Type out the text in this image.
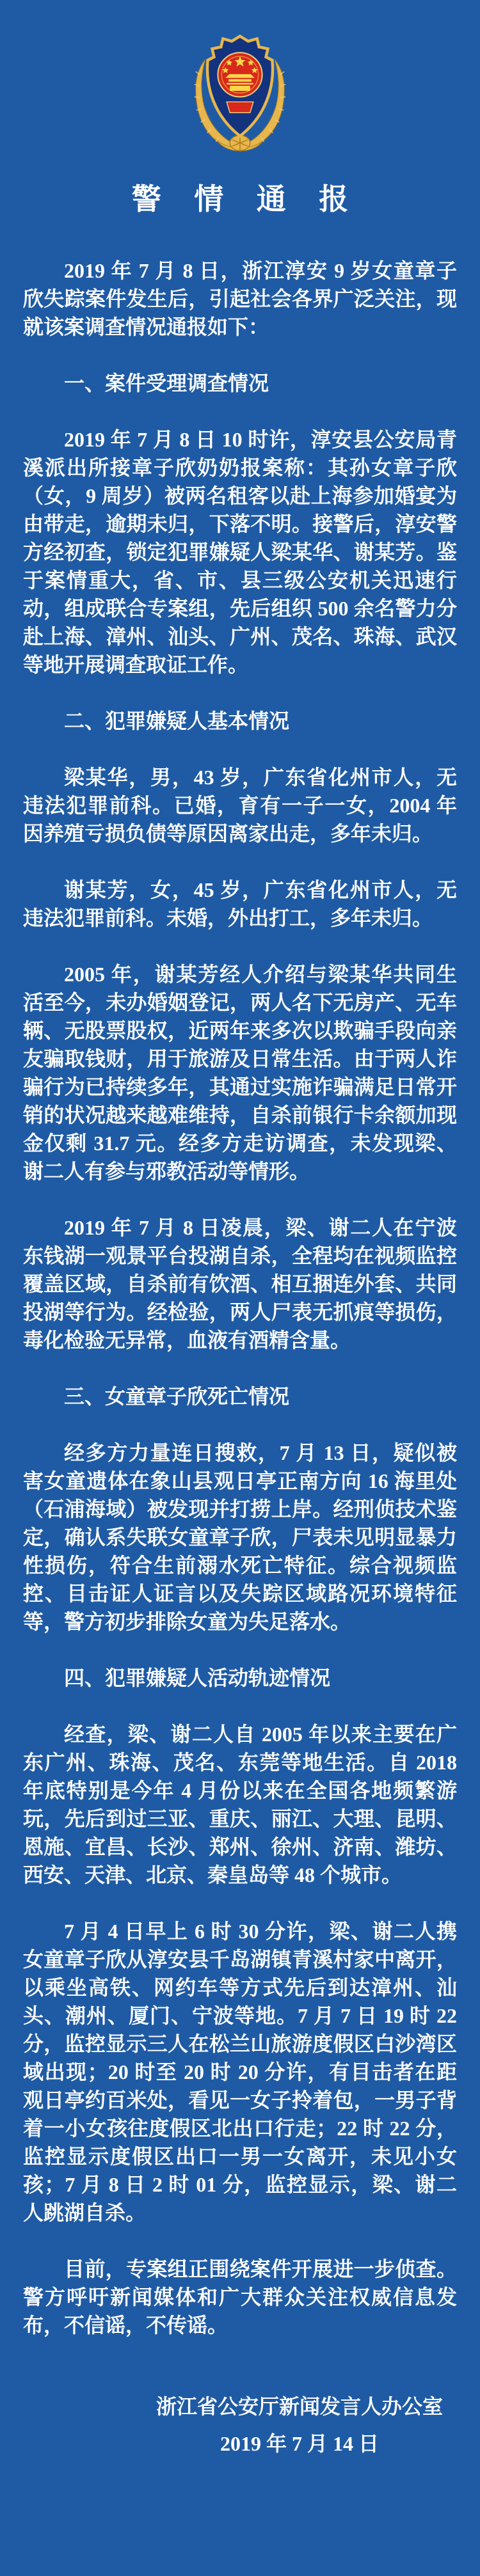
警 情 通 报

2019 年 7 月 8 日，浙江淳安 9 岁女童章子欣失踪案件发生后，引起社会各界广泛关注，现就该案调查情况通报如下：

一、案件受理调查情况

2019 年 7 月 8 日 10 时许，淳安县公安局青溪派出所接章子欣奶奶报案称：其孙女章子欣（女，9 周岁）被两名租客以赴上海参加婚宴为由带走，逾期未归，下落不明。接警后，淳安警方经初查，锁定犯罪嫌疑人梁某华、谢某芳。鉴于案情重大，省、市、县三级公安机关迅速行动，组成联合专案组，先后组织 500 余名警力分赴上海、漳州、汕头、广州、茂名、珠海、武汉等地开展调查取证工作。

二、犯罪嫌疑人基本情况

梁某华，男，43 岁，广东省化州市人，无违法犯罪前科。已婚，育有一子一女，2004 年因养殖亏损负债等原因离家出走，多年未归。

谢某芳，女，45 岁，广东省化州市人，无违法犯罪前科。未婚，外出打工，多年未归。

2005 年，谢某芳经人介绍与梁某华共同生活至今，未办婚姻登记，两人名下无房产、无车辆、无股票股权，近两年来多次以欺骗手段向亲友骗取钱财，用于旅游及日常生活。由于两人诈骗行为已持续多年，其通过实施诈骗满足日常开销的状况越来越难维持，自杀前银行卡余额加现金仅剩 31.7 元。经多方走访调查，未发现梁、谢二人有参与邪教活动等情形。

2019 年 7 月 8 日凌晨，梁、谢二人在宁波东钱湖一观景平台投湖自杀，全程均在视频监控覆盖区域，自杀前有饮酒、相互捆连外套、共同投湖等行为。经检验，两人尸表无抓痕等损伤，毒化检验无异常，血液有酒精含量。

三、女童章子欣死亡情况

经多方力量连日搜救，7 月 13 日，疑似被害女童遗体在象山县观日亭正南方向 16 海里处（石浦海域）被发现并打捞上岸。经刑侦技术鉴定，确认系失联女童章子欣，尸表未见明显暴力性损伤，符合生前溺水死亡特征。综合视频监控、目击证人证言以及失踪区域路况环境特征等，警方初步排除女童为失足落水。

四、犯罪嫌疑人活动轨迹情况

经查，梁、谢二人自 2005 年以来主要在广东广州、珠海、茂名、东莞等地生活。自 2018 年底特别是今年 4 月份以来在全国各地频繁游玩，先后到过三亚、重庆、丽江、大理、昆明、恩施、宜昌、长沙、郑州、徐州、济南、潍坊、西安、天津、北京、秦皇岛等 48 个城市。

7 月 4 日早上 6 时 30 分许，梁、谢二人携女童章子欣从淳安县千岛湖镇青溪村家中离开，以乘坐高铁、网约车等方式先后到达漳州、汕头、潮州、厦门、宁波等地。7 月 7 日 19 时 22 分，监控显示三人在松兰山旅游度假区白沙湾区域出现；20 时至 20 时 20 分许，有目击者在距观日亭约百米处，看见一女子拎着包，一男子背着一小女孩往度假区北出口行走；22 时 22 分，监控显示度假区出口一男一女离开，未见小女孩；7 月 8 日 2 时 01 分，监控显示，梁、谢二人跳湖自杀。

目前，专案组正围绕案件开展进一步侦查。警方呼吁新闻媒体和广大群众关注权威信息发布，不信谣，不传谣。

浙江省公安厅新闻发言人办公室
2019 年 7 月 14 日
